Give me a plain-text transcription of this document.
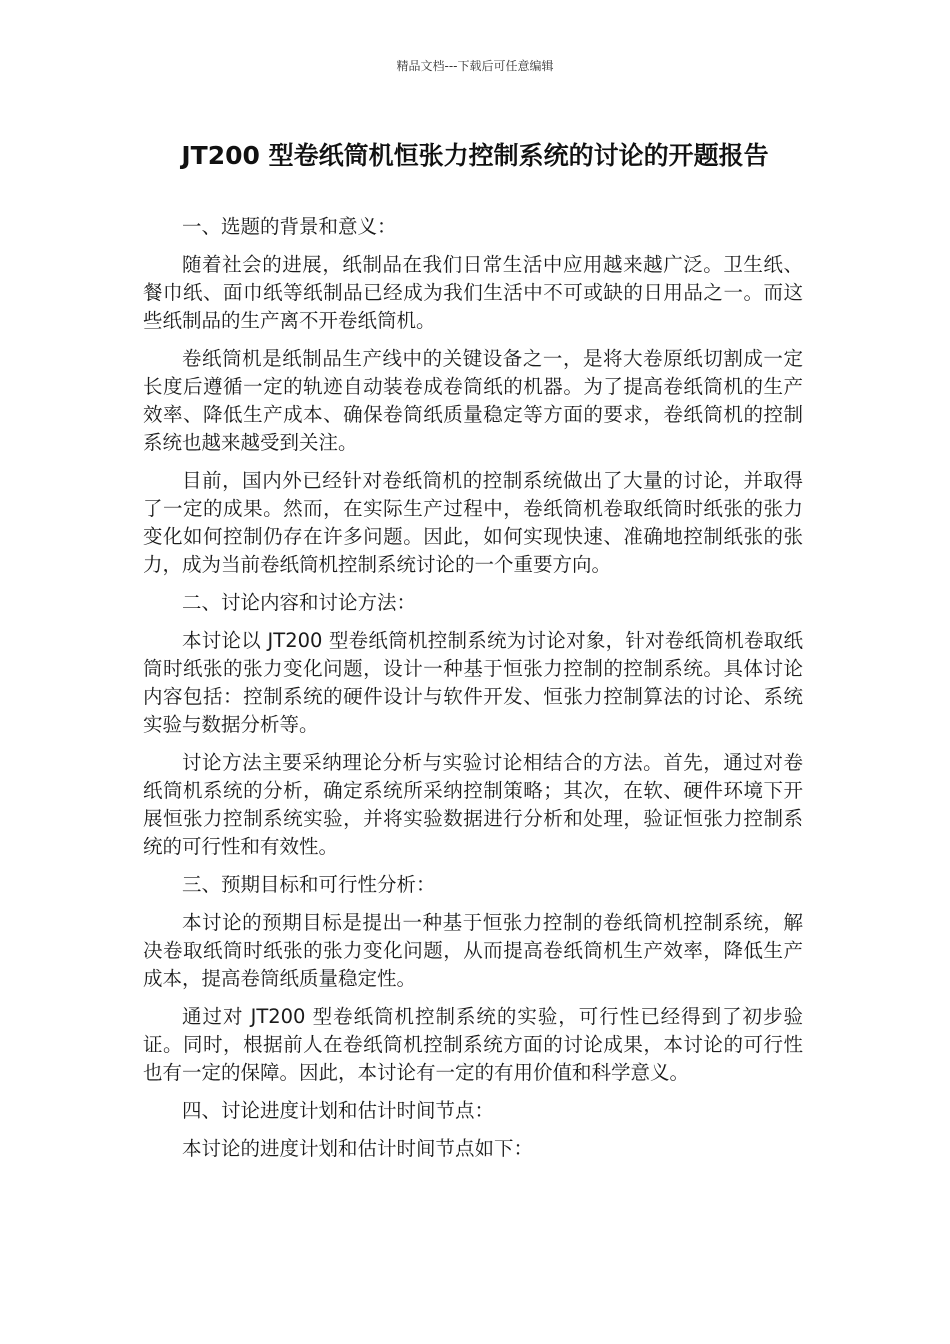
精品文档---下载后可任意编辑
JT200 型卷纸筒机恒张力控制系统的讨论的开题报告

一、选题的背景和意义：

随着社会的进展，纸制品在我们日常生活中应用越来越广泛。卫生纸、餐巾纸、面巾纸等纸制品已经成为我们生活中不可或缺的日用品之一。而这些纸制品的生产离不开卷纸筒机。

卷纸筒机是纸制品生产线中的关键设备之一，是将大卷原纸切割成一定长度后遵循一定的轨迹自动装卷成卷筒纸的机器。为了提高卷纸筒机的生产效率、降低生产成本、确保卷筒纸质量稳定等方面的要求，卷纸筒机的控制系统也越来越受到关注。

目前，国内外已经针对卷纸筒机的控制系统做出了大量的讨论，并取得了一定的成果。然而，在实际生产过程中，卷纸筒机卷取纸筒时纸张的张力变化如何控制仍存在许多问题。因此，如何实现快速、准确地控制纸张的张力，成为当前卷纸筒机控制系统讨论的一个重要方向。

二、讨论内容和讨论方法：

本讨论以 JT200 型卷纸筒机控制系统为讨论对象，针对卷纸筒机卷取纸筒时纸张的张力变化问题，设计一种基于恒张力控制的控制系统。具体讨论内容包括：控制系统的硬件设计与软件开发、恒张力控制算法的讨论、系统实验与数据分析等。

讨论方法主要采纳理论分析与实验讨论相结合的方法。首先，通过对卷纸筒机系统的分析，确定系统所采纳控制策略；其次，在软、硬件环境下开展恒张力控制系统实验，并将实验数据进行分析和处理，验证恒张力控制系统的可行性和有效性。

三、预期目标和可行性分析：

本讨论的预期目标是提出一种基于恒张力控制的卷纸筒机控制系统，解决卷取纸筒时纸张的张力变化问题，从而提高卷纸筒机生产效率，降低生产成本，提高卷筒纸质量稳定性。

通过对 JT200 型卷纸筒机控制系统的实验，可行性已经得到了初步验证。同时，根据前人在卷纸筒机控制系统方面的讨论成果，本讨论的可行性也有一定的保障。因此，本讨论有一定的有用价值和科学意义。

四、讨论进度计划和估计时间节点：

本讨论的进度计划和估计时间节点如下：
